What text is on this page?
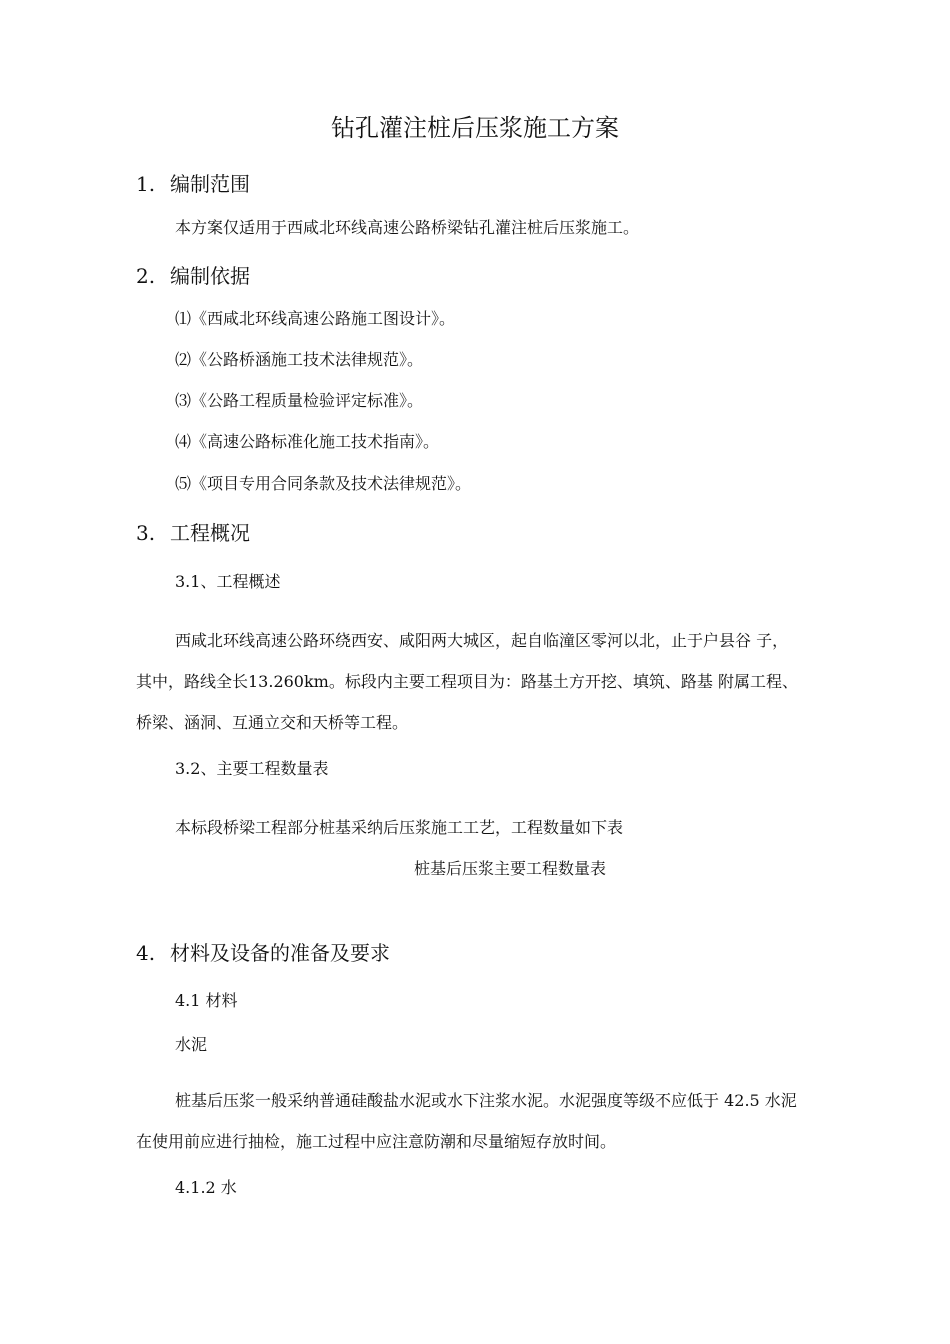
钻孔灌注桩后压浆施工方案
1. 编制范围
本方案仅适用于西咸北环线高速公路桥梁钻孔灌注桩后压浆施工。
2. 编制依据
⑴《西咸北环线高速公路施工图设计》。
⑵《公路桥涵施工技术法律规范》。
⑶《公路工程质量检验评定标准》。
⑷《高速公路标准化施工技术指南》。
⑸《项目专用合同条款及技术法律规范》。
3. 工程概况
3.1、工程概述
西咸北环线高速公路环绕西安、咸阳两大城区，起自临潼区零河以北，止于户县谷 子，
其中，路线全长13.260km。标段内主要工程项目为：路基土方开挖、填筑、路基 附属工程、
桥梁、涵洞、互通立交和天桥等工程。
3.2、主要工程数量表
本标段桥梁工程部分桩基采纳后压浆施工工艺，工程数量如下表
桩基后压浆主要工程数量表
4. 材料及设备的准备及要求
4.1 材料
水泥
桩基后压浆一般采纳普通硅酸盐水泥或水下注浆水泥。水泥强度等级不应低于 42.5 水泥
在使用前应进行抽检，施工过程中应注意防潮和尽量缩短存放时间。
4.1.2 水
